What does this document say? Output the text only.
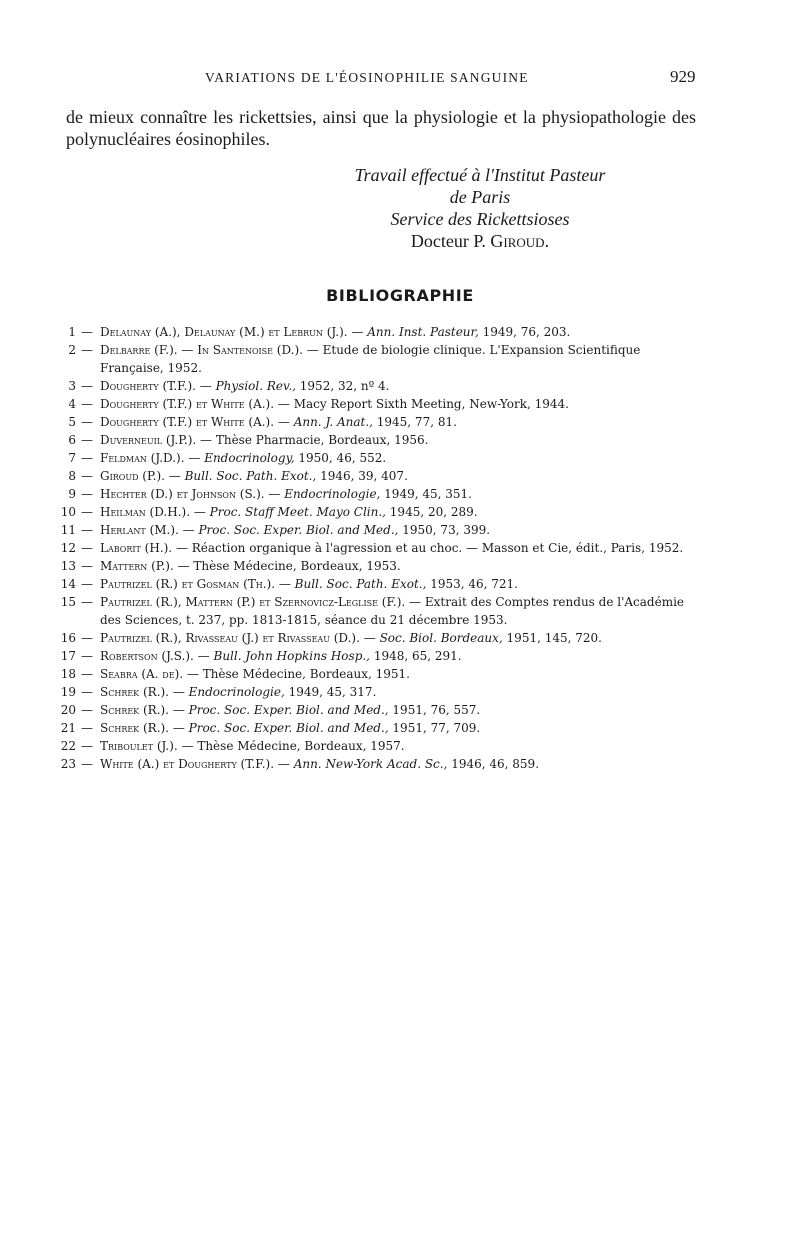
VARIATIONS DE L'ÉOSINOPHILIE SANGUINE	929

de mieux connaître les rickettsies, ainsi que la physiologie et la physiopathologie des polynucléaires éosinophiles.

Travail effectué à l'Institut Pasteur
de Paris
Service des Rickettsioses
Docteur P. Giroud.
BIBLIOGRAPHIE
1 — Delaunay (A.), Delaunay (M.) et Lebrun (J.). — Ann. Inst. Pasteur, 1949, 76, 203.
2 — Delbarre (F.). — In Santenoise (D.). — Etude de biologie clinique. L'Expansion Scientifique Française, 1952.
3 — Dougherty (T.F.). — Physiol. Rev., 1952, 32, nº 4.
4 — Dougherty (T.F.) et White (A.). — Macy Report Sixth Meeting, New-York, 1944.
5 — Dougherty (T.F.) et White (A.). — Ann. J. Anat., 1945, 77, 81.
6 — Duverneuil (J.P.). — Thèse Pharmacie, Bordeaux, 1956.
7 — Feldman (J.D.). — Endocrinology, 1950, 46, 552.
8 — Giroud (P.). — Bull. Soc. Path. Exot., 1946, 39, 407.
9 — Hechter (D.) et Johnson (S.). — Endocrinologie, 1949, 45, 351.
10 — Heilman (D.H.). — Proc. Staff Meet. Mayo Clin., 1945, 20, 289.
11 — Herlant (M.). — Proc. Soc. Exper. Biol. and Med., 1950, 73, 399.
12 — Laborit (H.). — Réaction organique à l'agression et au choc. — Masson et Cie, édit., Paris, 1952.
13 — Mattern (P.). — Thèse Médecine, Bordeaux, 1953.
14 — Pautrizel (R.) et Gosman (Th.). — Bull. Soc. Path. Exot., 1953, 46, 721.
15 — Pautrizel (R.), Mattern (P.) et Szernovicz-Leglise (F.). — Extrait des Comptes rendus de l'Académie des Sciences, t. 237, pp. 1813-1815, séance du 21 décembre 1953.
16 — Pautrizel (R.), Rivasseau (J.) et Rivasseau (D.). — Soc. Biol. Bordeaux, 1951, 145, 720.
17 — Robertson (J.S.). — Bull. John Hopkins Hosp., 1948, 65, 291.
18 — Seabra (A. de). — Thèse Médecine, Bordeaux, 1951.
19 — Schrek (R.). — Endocrinologie, 1949, 45, 317.
20 — Schrek (R.). — Proc. Soc. Exper. Biol. and Med., 1951, 76, 557.
21 — Schrek (R.). — Proc. Soc. Exper. Biol. and Med., 1951, 77, 709.
22 — Triboulet (J.). — Thèse Médecine, Bordeaux, 1957.
23 — White (A.) et Dougherty (T.F.). — Ann. New-York Acad. Sc., 1946, 46, 859.
